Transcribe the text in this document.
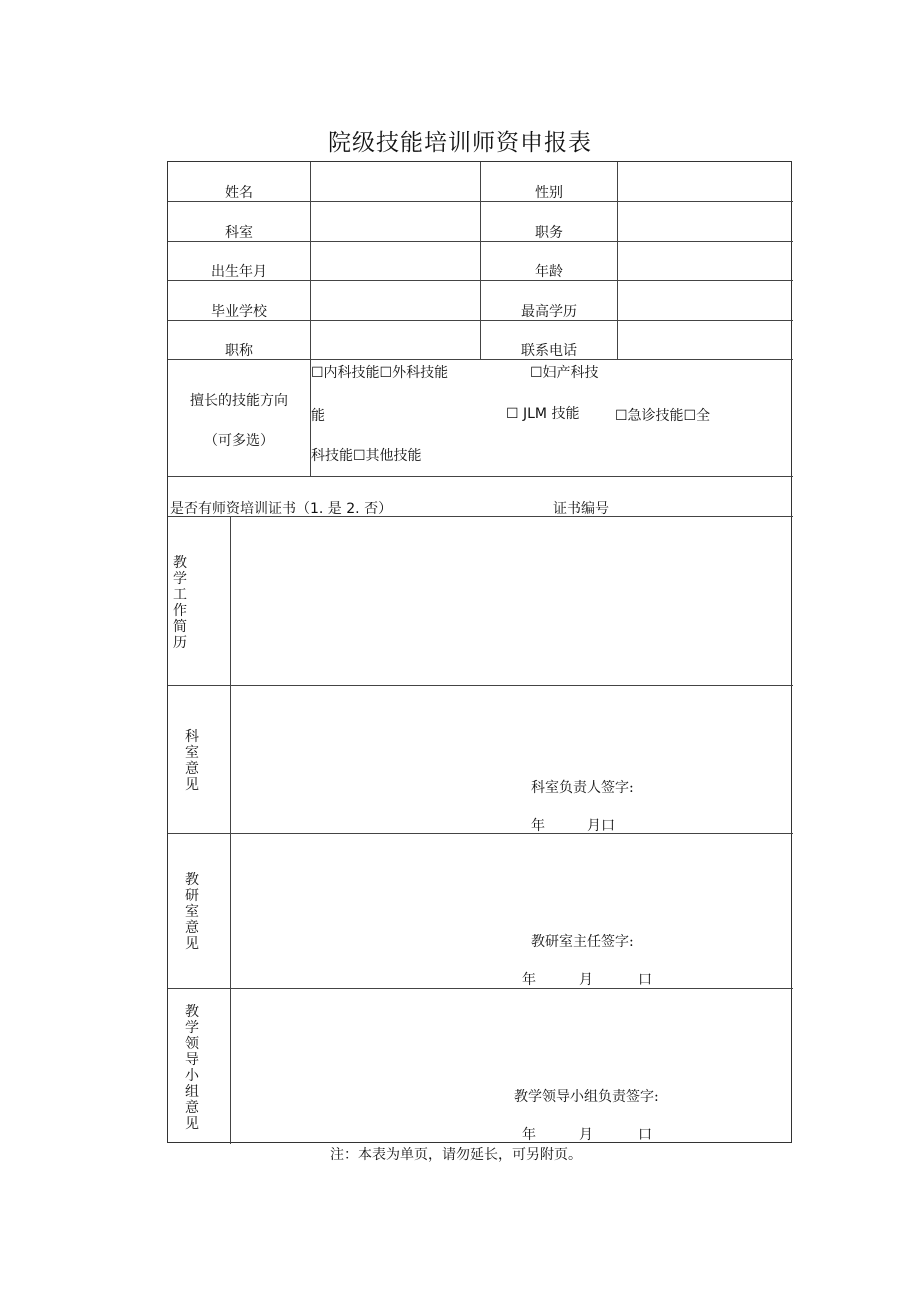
院级技能培训师资申报表
姓名	性别
科室	职务
出生年月	年龄
毕业学校	最高学历
职称	联系电话
擅长的技能方向
（可多选）
☐内科技能☐外科技能	☐妇产科技
能	☐ JLM 技能	☐急诊技能☐全
科技能☐其他技能
是否有师资培训证书（1. 是 2. 否）	证书编号
教学工作简历
科室意见	科室负责人签字:
年　　　月口
教研室意见	教研室主任签字:
年	月	口
教学领导小组意见
教学领导小组负责签字:
年	月	口
注：本表为单页，请勿延长，可另附页。
